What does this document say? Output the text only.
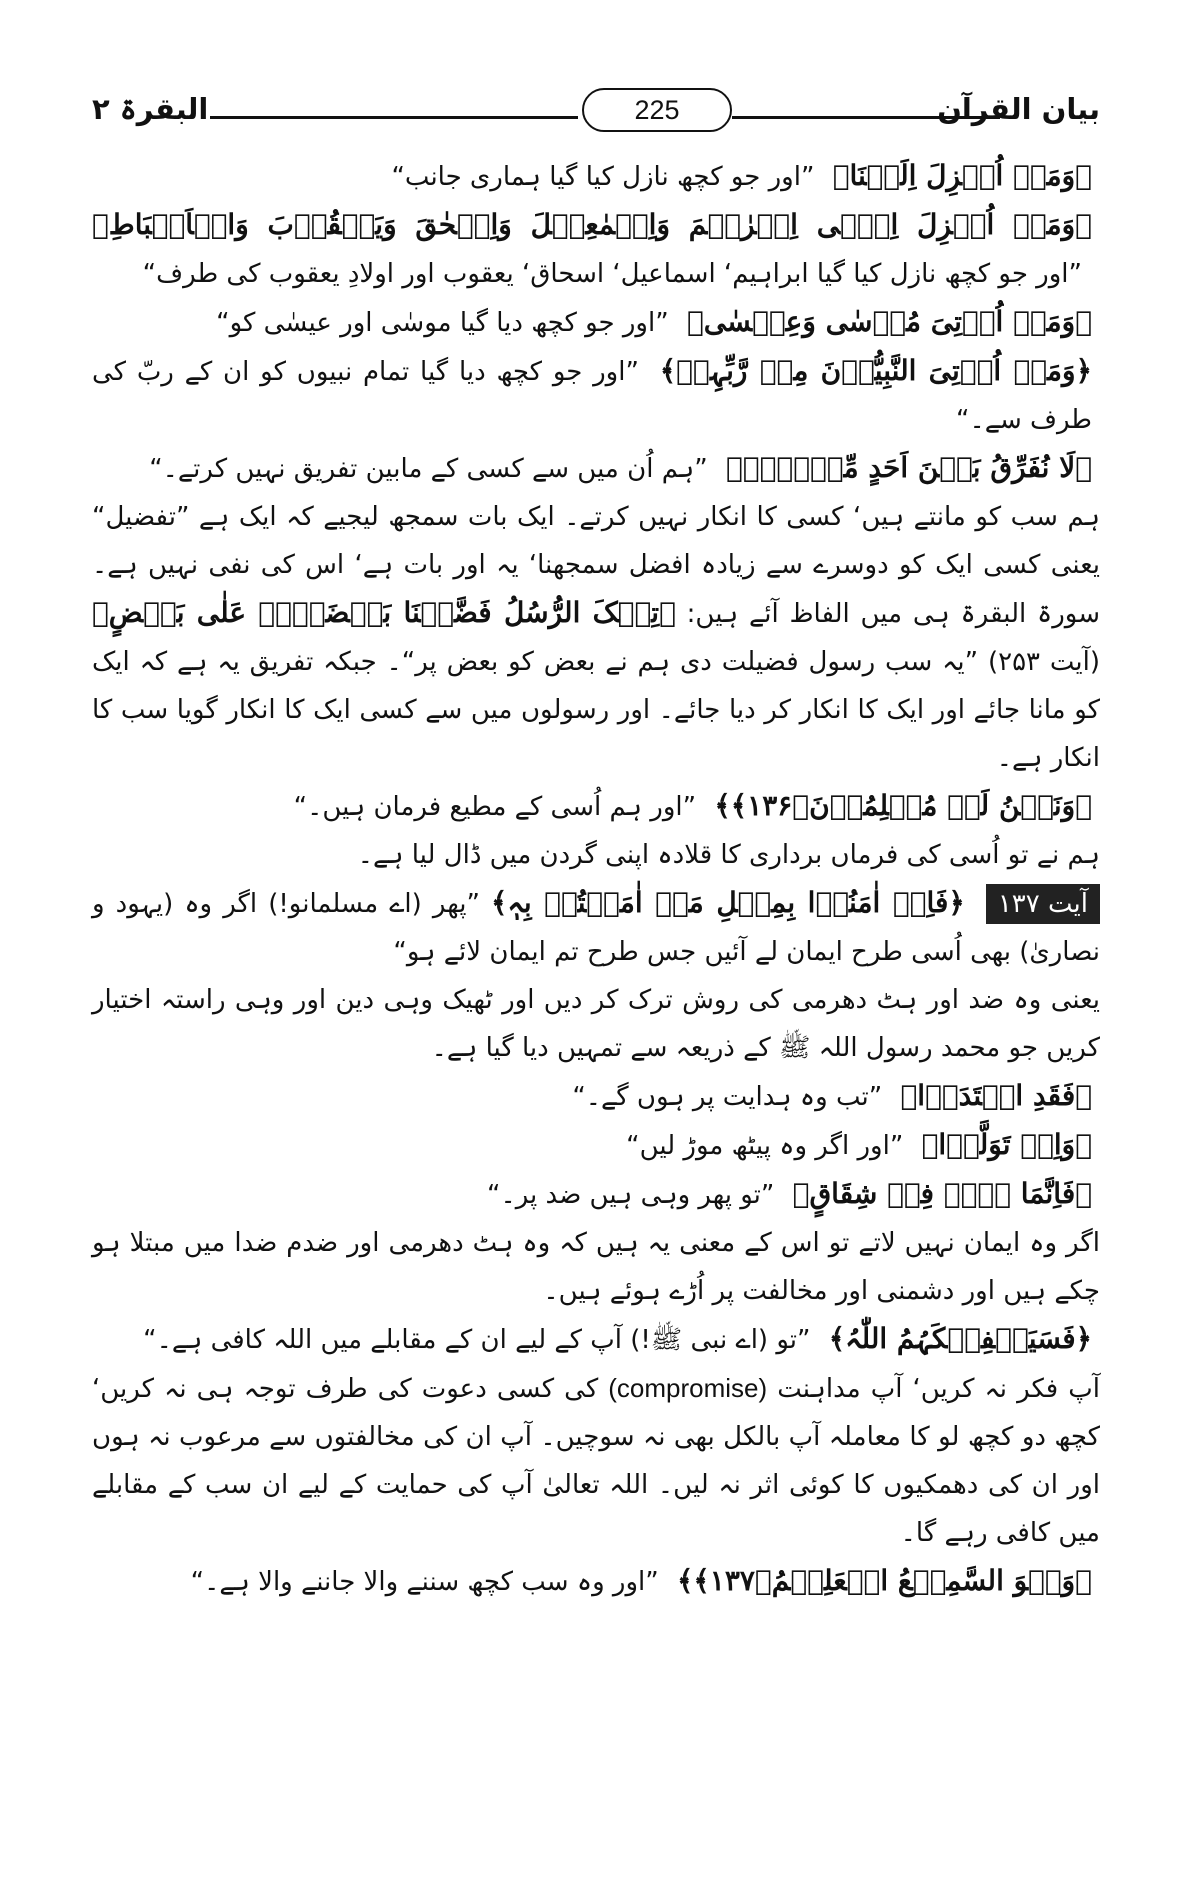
البقرۃ ۲	225	بیان القرآن
﴿وَمَاۤ اُنۡزِلَ اِلَیۡنَا﴾ ”اور جو کچھ نازل کیا گیا ہماری جانب“
﴿وَمَاۤ اُنۡزِلَ اِلٰۤی اِبۡرٰہٖمَ وَاِسۡمٰعِیۡلَ وَاِسۡحٰقَ وَیَعۡقُوۡبَ وَالۡاَسۡبَاطِ﴾ ”اور جو کچھ نازل کیا گیا ابراہیم‘ اسماعیل‘ اسحاق‘ یعقوب اور اولادِ یعقوب کی طرف“
﴿وَمَاۤ اُوۡتِیَ مُوۡسٰی وَعِیۡسٰی﴾ ”اور جو کچھ دیا گیا موسٰی اور عیسٰی کو“
﴿وَمَاۤ اُوۡتِیَ النَّبِیُّوۡنَ مِنۡ رَّبِّہِمۡ﴾ ”اور جو کچھ دیا گیا تمام نبیوں کو ان کے ربّ کی طرف سے۔“
﴿لَا نُفَرِّقُ بَیۡنَ اَحَدٍ مِّنۡہُمۡ﴾ ”ہم اُن میں سے کسی کے مابین تفریق نہیں کرتے۔“
ہم سب کو مانتے ہیں‘ کسی کا انکار نہیں کرتے۔ ایک بات سمجھ لیجیے کہ ایک ہے ”تفضیل“ یعنی کسی ایک کو دوسرے سے زیادہ افضل سمجھنا‘ یہ اور بات ہے‘ اس کی نفی نہیں ہے۔ سورۃ البقرۃ ہی میں الفاظ آئے ہیں: ﴿تِلۡکَ الرُّسُلُ فَضَّلۡنَا بَعۡضَہُمۡ عَلٰی بَعۡضٍ﴾ (آیت ۲۵۳) ”یہ سب رسول فضیلت دی ہم نے بعض کو بعض پر“۔ جبکہ تفریق یہ ہے کہ ایک کو مانا جائے اور ایک کا انکار کر دیا جائے۔ اور رسولوں میں سے کسی ایک کا انکار گویا سب کا انکار ہے۔
﴿وَنَحۡنُ لَہٗ مُسۡلِمُوۡنَ﴿۱۳۶﴾﴾ ”اور ہم اُسی کے مطیع فرمان ہیں۔“
ہم نے تو اُسی کی فرماں برداری کا قلادہ اپنی گردن میں ڈال لیا ہے۔
آیت ۱۳۷ ﴿فَاِنۡ اٰمَنُوۡا بِمِثۡلِ مَاۤ اٰمَنۡتُمۡ بِہٖ﴾ ”پھر (اے مسلمانو!) اگر وہ (یہود و نصاریٰ) بھی اُسی طرح ایمان لے آئیں جس طرح تم ایمان لائے ہو“
یعنی وہ ضد اور ہٹ دھرمی کی روش ترک کر دیں اور ٹھیک وہی دین اور وہی راستہ اختیار کریں جو محمد رسول اللہ ﷺ کے ذریعہ سے تمہیں دیا گیا ہے۔
﴿فَقَدِ اہۡتَدَوۡا﴾ ”تب وہ ہدایت پر ہوں گے۔“
﴿وَاِنۡ تَوَلَّوۡا﴾ ”اور اگر وہ پیٹھ موڑ لیں“
﴿فَاِنَّمَا ہُمۡ فِیۡ شِقَاقٍ﴾ ”تو پھر وہی ہیں ضد پر۔“
اگر وہ ایمان نہیں لاتے تو اس کے معنی یہ ہیں کہ وہ ہٹ دھرمی اور ضدم ضدا میں مبتلا ہو چکے ہیں اور دشمنی اور مخالفت پر اُڑے ہوئے ہیں۔
﴿فَسَیَکۡفِیۡکَہُمُ اللّٰہُ﴾ ”تو (اے نبی ﷺ!) آپ کے لیے ان کے مقابلے میں اللہ کافی ہے۔“
آپ فکر نہ کریں‘ آپ مداہنت (compromise) کی کسی دعوت کی طرف توجہ ہی نہ کریں‘ کچھ دو کچھ لو کا معاملہ آپ بالکل بھی نہ سوچیں۔ آپ ان کی مخالفتوں سے مرعوب نہ ہوں اور ان کی دھمکیوں کا کوئی اثر نہ لیں۔ اللہ تعالیٰ آپ کی حمایت کے لیے ان سب کے مقابلے میں کافی رہے گا۔
﴿وَہُوَ السَّمِیۡعُ الۡعَلِیۡمُ﴿۱۳۷﴾﴾ ”اور وہ سب کچھ سننے والا جاننے والا ہے۔“
